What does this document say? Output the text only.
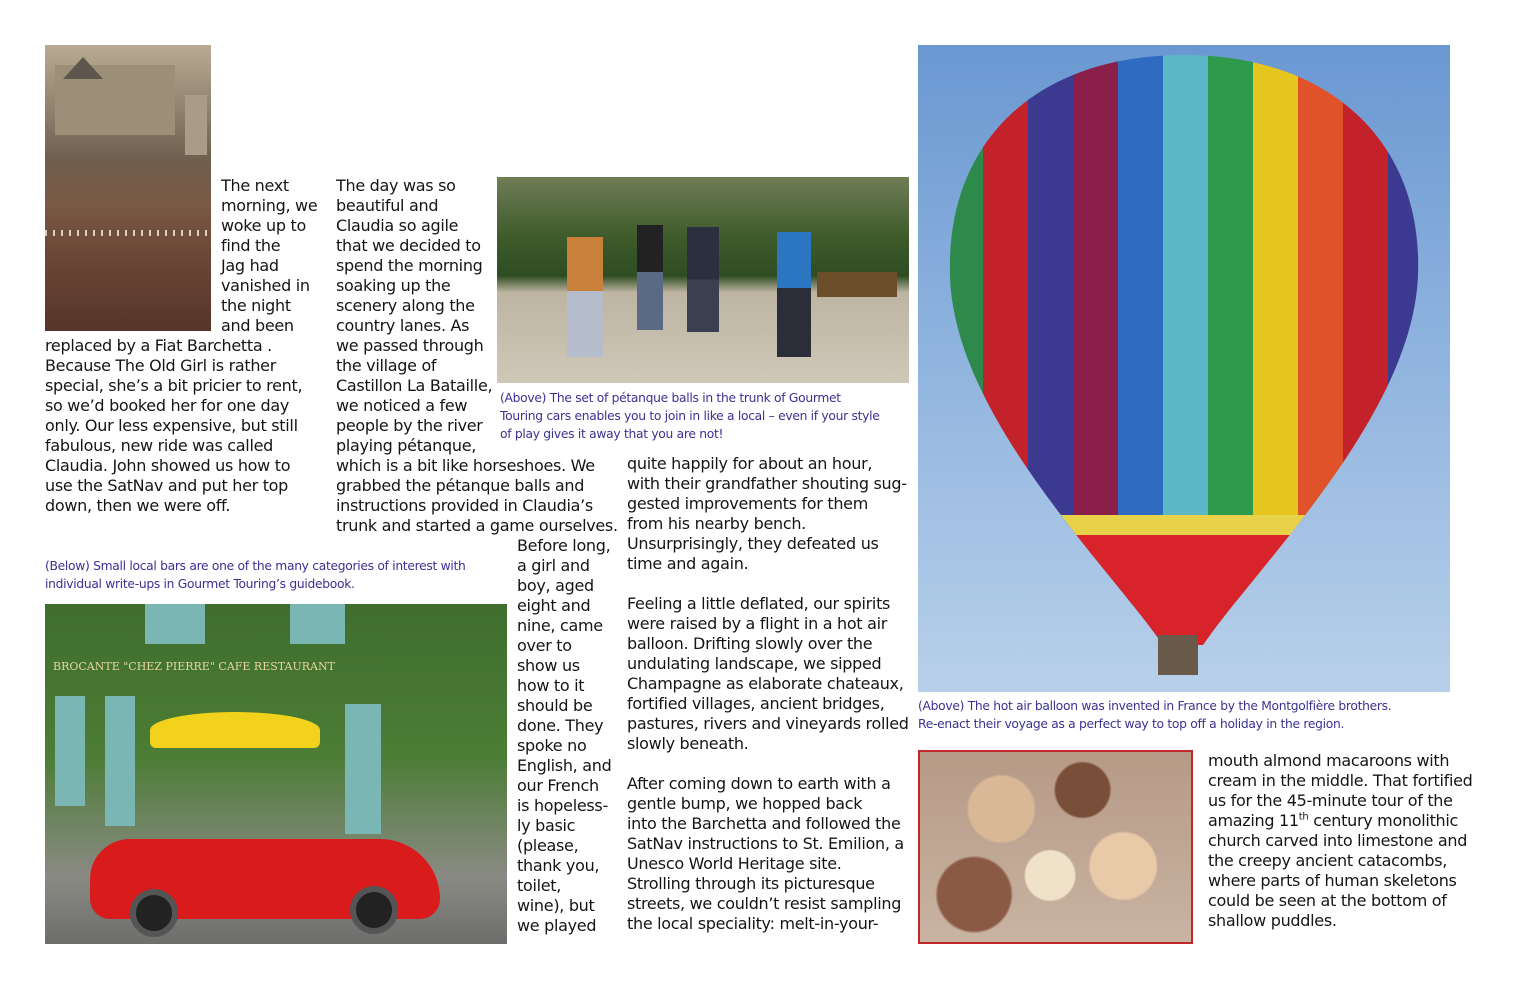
BROCANTE "CHEZ PIERRE" CAFE RESTAURANT
The next
morning, we
woke up to
find the
Jag had
vanished in
the night
and been
replaced by a Fiat Barchetta .
Because The Old Girl is rather
special, she’s a bit pricier to rent,
so we’d booked her for one day
only. Our less expensive, but still
fabulous, new ride was called
Claudia. John showed us how to
use the SatNav and put her top
down, then we were off.
The day was so
beautiful and
Claudia so agile
that we decided to
spend the morning
soaking up the
scenery along the
country lanes. As
we passed through
the village of
Castillon La Bataille,
we noticed a few
people by the river
playing pétanque,
which is a bit like horseshoes. We
grabbed the pétanque balls and
instructions provided in Claudia’s
trunk and started a game ourselves.
Before long,
a girl and
boy, aged
eight and
nine, came
over to
show us
how to it
should be
done. They
spoke no
English, and
our French
is hopeless-
ly basic
(please,
thank you,
toilet,
wine), but
we played
quite happily for about an hour,
with their grandfather shouting sug-
gested improvements for them
from his nearby bench.
Unsurprisingly, they defeated us
time and again.
Feeling a little deflated, our spirits
were raised by a flight in a hot air
balloon. Drifting slowly over the
undulating landscape, we sipped
Champagne as elaborate chateaux,
fortified villages, ancient bridges,
pastures, rivers and vineyards rolled
slowly beneath.
After coming down to earth with a
gentle bump, we hopped back
into the Barchetta and followed the
SatNav instructions to St. Emilion, a
Unesco World Heritage site.
Strolling through its picturesque
streets, we couldn’t resist sampling
the local speciality: melt-in-your-
mouth almond macaroons with
cream in the middle. That fortified
us for the 45-minute tour of the
amazing 11th century monolithic
church carved into limestone and
the creepy ancient catacombs,
where parts of human skeletons
could be seen at the bottom of
shallow puddles.
(Above) The set of pétanque balls in the trunk of Gourmet
Touring cars enables you to join in like a local – even if your style
of play gives it away that you are not!
(Below) Small local bars are one of the many categories of interest with
individual write-ups in Gourmet Touring’s guidebook.
(Above) The hot air balloon was invented in France by the Montgolfière brothers.
Re-enact their voyage as a perfect way to top off a holiday in the region.
